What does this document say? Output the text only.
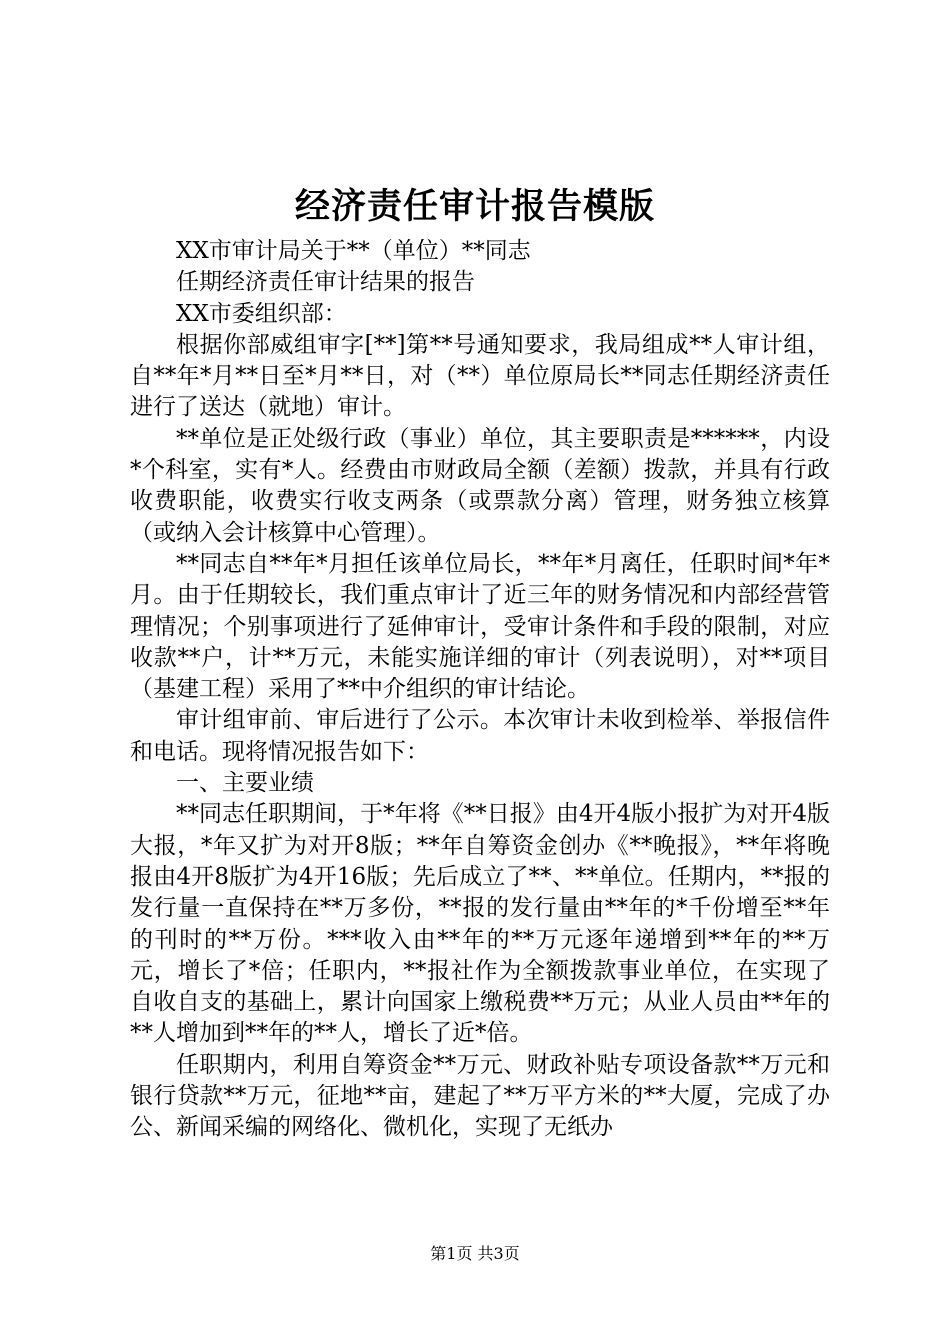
经济责任审计报告模版

XX市审计局关于**（单位）**同志

任期经济责任审计结果的报告

XX市委组织部：

根据你部威组审字[**]第**号通知要求，我局组成**人审计组，自**年*月**日至*月**日，对（**）单位原局长**同志任期经济责任进行了送达（就地）审计。

**单位是正处级行政（事业）单位，其主要职责是******，内设*个科室，实有*人。经费由市财政局全额（差额）拨款，并具有行政收费职能，收费实行收支两条（或票款分离）管理，财务独立核算（或纳入会计核算中心管理）。

**同志自**年*月担任该单位局长，**年*月离任，任职时间*年*月。由于任期较长，我们重点审计了近三年的财务情况和内部经营管理情况；个别事项进行了延伸审计，受审计条件和手段的限制，对应收款**户，计**万元，未能实施详细的审计（列表说明），对**项目（基建工程）采用了**中介组织的审计结论。

审计组审前、审后进行了公示。本次审计未收到检举、举报信件和电话。现将情况报告如下：

一、主要业绩

**同志任职期间，于*年将《**日报》由4开4版小报扩为对开4版大报，*年又扩为对开8版；**年自筹资金创办《**晚报》，**年将晚报由4开8版扩为4开16版；先后成立了**、**单位。任期内，**报的发行量一直保持在**万多份，**报的发行量由**年的*千份增至**年的刊时的**万份。***收入由**年的**万元逐年递增到**年的**万元，增长了*倍；任职内，**报社作为全额拨款事业单位，在实现了自收自支的基础上，累计向国家上缴税费**万元；从业人员由**年的**人增加到**年的**人，增长了近*倍。

任职期内，利用自筹资金**万元、财政补贴专项设备款**万元和银行贷款**万元，征地**亩，建起了**万平方米的**大厦，完成了办公、新闻采编的网络化、微机化，实现了无纸办

第1页 共3页
